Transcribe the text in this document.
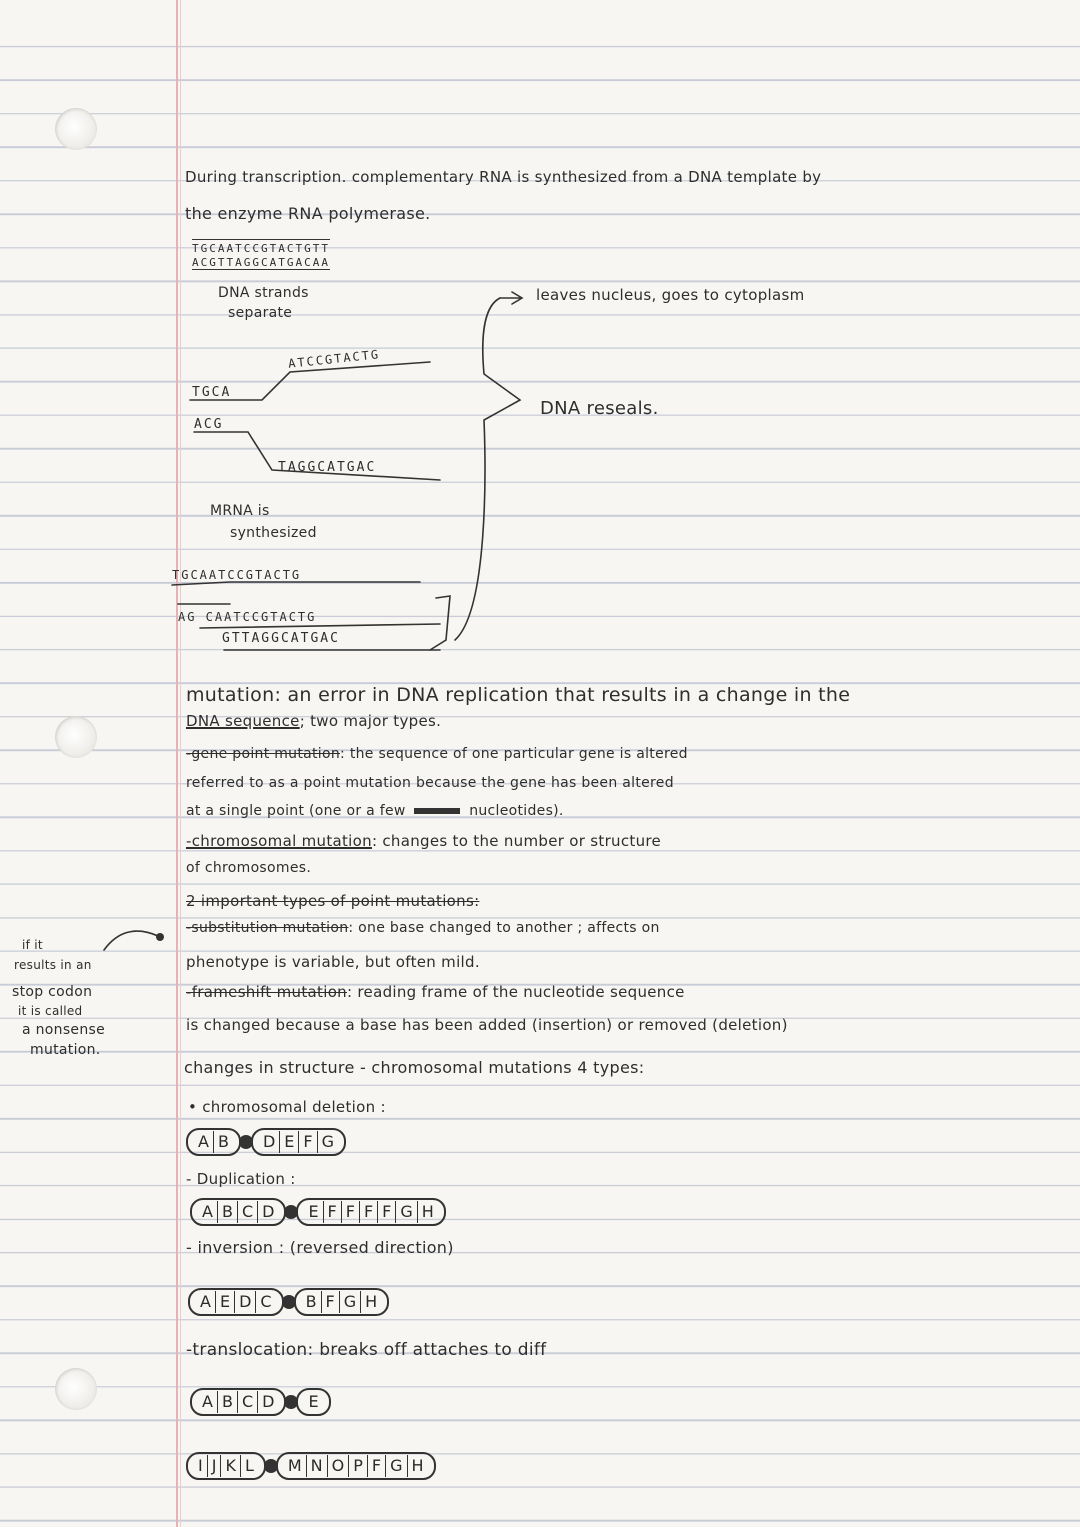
During transcription. complementary RNA is synthesized from a DNA template by
the enzyme RNA polymerase.
TGCAATCCGTACTGTT
ACGTTAGGCATGACAA
DNA strands
separate
TGCA
ATCCGTACTG
ACG
TAGGCATGAC
MRNA is
synthesized
TGCAATCCGTACTG
AG CAATCCGTACTG
GTTAGGCATGAC
leaves nucleus, goes to cytoplasm
DNA reseals.
mutation: an error in DNA replication that results in a change in the
DNA sequence; two major types.
-gene point mutation: the sequence of one particular gene is altered
referred to as a point mutation because the gene has been altered
at a single point (one or a few	nucleotides).
-chromosomal mutation: changes to the number or structure
of chromosomes.
2 important types of point mutations:
-substitution mutation: one base changed to another ; affects on
phenotype is variable, but often mild.
-frameshift mutation: reading frame of the nucleotide sequence
is changed because a base has been added (insertion) or removed (deletion)
if it
results in an
stop codon
it is called
a nonsense
mutation.
changes in structure - chromosomal mutations 4 types:
• chromosomal deletion :
A B D E F G
- Duplication :
A B C D E F F F F G H
- inversion : (reversed direction)
A E D C B F G H
-translocation: breaks off attaches to diff
A B C D E
I J K L M N O P F G H
